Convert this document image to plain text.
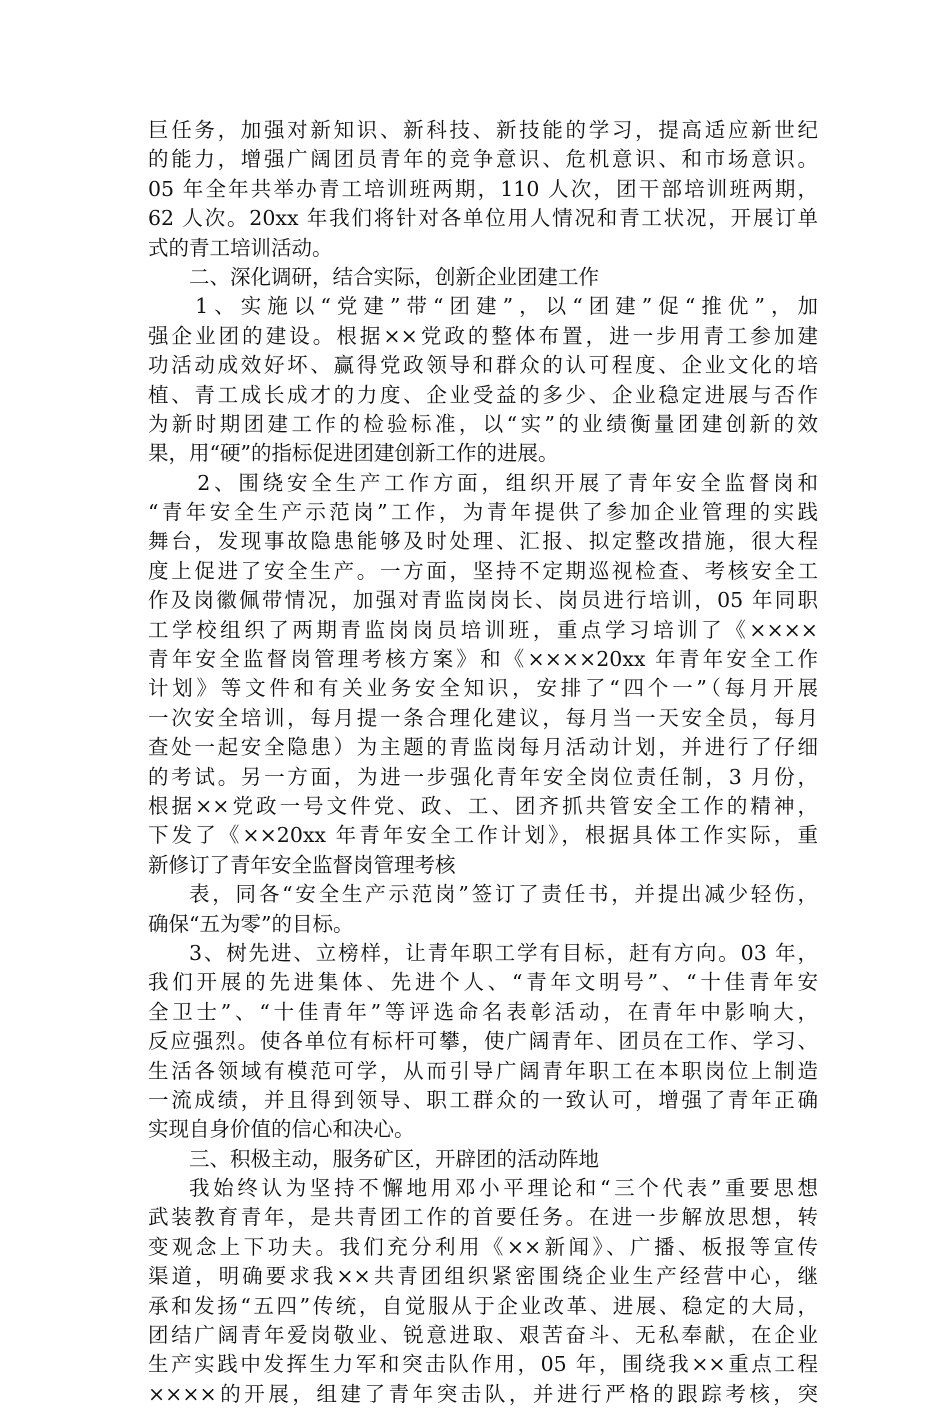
巨任务，加强对新知识、新科技、新技能的学习，提高适应新世纪
的能力，增强广阔团员青年的竞争意识、危机意识、和市场意识。
05 年全年共举办青工培训班两期，110 人次，团干部培训班两期，
62 人次。20xx 年我们将针对各单位用人情况和青工状况，开展订单
式的青工培训活动。
二、深化调研，结合实际，创新企业团建工作
1、实施以“党建”带“团建”，以“团建”促“推优”，加
强企业团的建设。根据××党政的整体布置，进一步用青工参加建
功活动成效好坏、赢得党政领导和群众的认可程度、企业文化的培
植、青工成长成才的力度、企业受益的多少、企业稳定进展与否作
为新时期团建工作的检验标准，以“实”的业绩衡量团建创新的效
果，用“硬”的指标促进团建创新工作的进展。
2、围绕安全生产工作方面，组织开展了青年安全监督岗和
“青年安全生产示范岗”工作，为青年提供了参加企业管理的实践
舞台，发现事故隐患能够及时处理、汇报、拟定整改措施，很大程
度上促进了安全生产。一方面，坚持不定期巡视检查、考核安全工
作及岗徽佩带情况，加强对青监岗岗长、岗员进行培训，05 年同职
工学校组织了两期青监岗岗员培训班，重点学习培训了《××××
青年安全监督岗管理考核方案》和《××××20xx 年青年安全工作
计划》等文件和有关业务安全知识，安排了“四个一”（每月开展
一次安全培训，每月提一条合理化建议，每月当一天安全员，每月
查处一起安全隐患）为主题的青监岗每月活动计划，并进行了仔细
的考试。另一方面，为进一步强化青年安全岗位责任制，3 月份，
根据××党政一号文件党、政、工、团齐抓共管安全工作的精神，
下发了《××20xx 年青年安全工作计划》，根据具体工作实际，重
新修订了青年安全监督岗管理考核
表，同各“安全生产示范岗”签订了责任书，并提出减少轻伤，
确保“五为零”的目标。
3、树先进、立榜样，让青年职工学有目标，赶有方向。03 年，
我们开展的先进集体、先进个人、“青年文明号”、“十佳青年安
全卫士”、“十佳青年”等评选命名表彰活动，在青年中影响大，
反应强烈。使各单位有标杆可攀，使广阔青年、团员在工作、学习、
生活各领域有模范可学，从而引导广阔青年职工在本职岗位上制造
一流成绩，并且得到领导、职工群众的一致认可，增强了青年正确
实现自身价值的信心和决心。
三、积极主动，服务矿区，开辟团的活动阵地
我始终认为坚持不懈地用邓小平理论和“三个代表”重要思想
武装教育青年，是共青团工作的首要任务。在进一步解放思想，转
变观念上下功夫。我们充分利用《××新闻》、广播、板报等宣传
渠道，明确要求我××共青团组织紧密围绕企业生产经营中心，继
承和发扬“五四”传统，自觉服从于企业改革、进展、稳定的大局，
团结广阔青年爱岗敬业、锐意进取、艰苦奋斗、无私奉献，在企业
生产实践中发挥生力军和突击队作用，05 年，围绕我××重点工程
××××的开展，组建了青年突击队，并进行严格的跟踪考核，突
